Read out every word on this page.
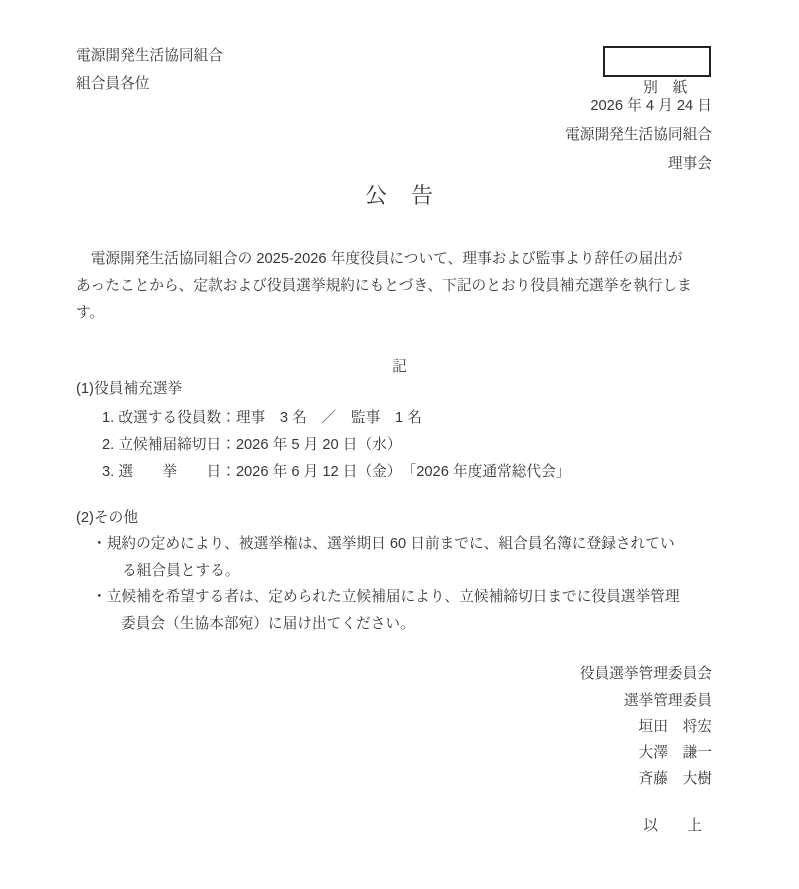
電源開発生活協同組合
組合員各位	別　紙

2026 年 4 月 24 日
電源開発生活協同組合
理事会
公　告
　電源開発生活協同組合の 2025-2026 年度役員について、理事および監事より辞任の届出が
あったことから、定款および役員選挙規約にもとづき、下記のとおり役員補充選挙を執行しま
す。
記
(1)役員補充選挙
1. 改選する役員数：理事　3 名　／　監事　1 名
2. 立候補届締切日：2026 年 5 月 20 日（水）
3. 選　　挙　　日：2026 年 6 月 12 日（金）　「2026 年度通常総代会」
(2)その他
・規約の定めにより、被選挙権は、選挙期日 60 日前までに、組合員名簿に登録されてい
る組合員とする。
・立候補を希望する者は、定められた立候補届により、立候補締切日までに役員選挙管理
委員会（生協本部宛）に届け出てください。
役員選挙管理委員会
選挙管理委員
垣田　将宏
大澤　謙一
斉藤　大樹
以　　上
